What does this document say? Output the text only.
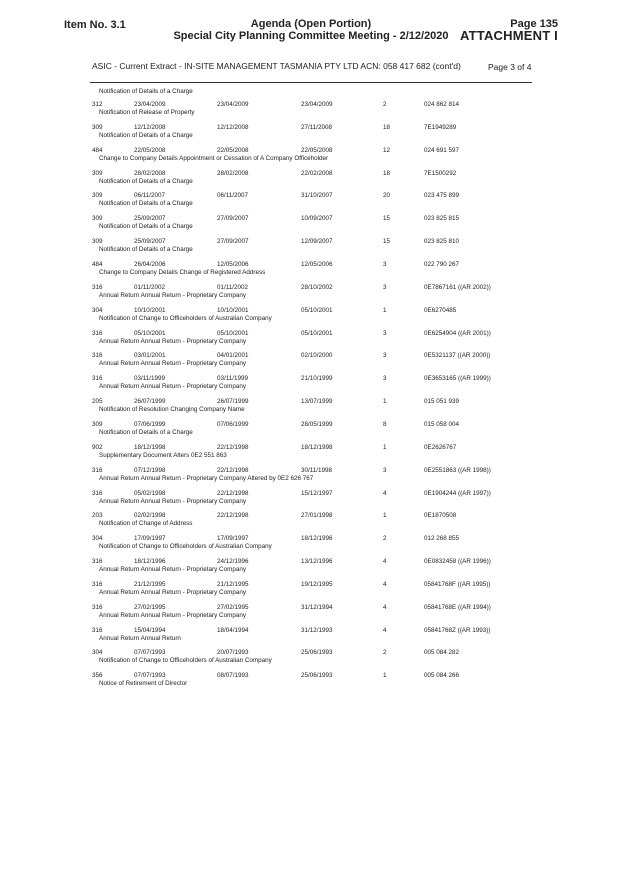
Item No. 3.1	Agenda (Open Portion)
Special City Planning Committee Meeting - 2/12/2020
Page 135
ATTACHMENT I
ASIC - Current Extract - IN-SITE MANAGEMENT TASMANIA PTY LTD ACN: 058 417 682 (cont'd)	Page 3 of 4
Notification of Details of a Charge
312	23/04/2009	23/04/2009	23/04/2009	2	024 862 814
Notification of Release of Property
309	12/12/2008	12/12/2008	27/11/2008	18	7E1949289
Notification of Details of a Charge
484	22/05/2008	22/05/2008	22/05/2008	12	024 691 597
Change to Company Details Appointment or Cessation of A Company Officeholder
309	28/02/2008	28/02/2008	22/02/2008	18	7E1500292
Notification of Details of a Charge
309	06/11/2007	06/11/2007	31/10/2007	20	023 475 899
Notification of Details of a Charge
309	25/09/2007	27/09/2007	10/09/2007	15	023 825 815
Notification of Details of a Charge
309	25/09/2007	27/09/2007	12/09/2007	15	023 825 810
Notification of Details of a Charge
484	26/04/2006	12/05/2006	12/05/2006	3	022 790 267
Change to Company Details Change of Registered Address
316	01/11/2002	01/11/2002	28/10/2002	3	0E7867161 ((AR 2002))
Annual Return Annual Return - Proprietary Company
304	10/10/2001	10/10/2001	05/10/2001	1	0E6270485
Notification of Change to Officeholders of Australian Company
316	05/10/2001	05/10/2001	05/10/2001	3	0E6254904 ((AR 2001))
Annual Return Annual Return - Proprietary Company
316	03/01/2001	04/01/2001	02/10/2000	3	0E5321137 ((AR 2000))
Annual Return Annual Return - Proprietary Company
316	03/11/1999	03/11/1999	21/10/1999	3	0E3653165 ((AR 1999))
Annual Return Annual Return - Proprietary Company
205	26/07/1999	26/07/1999	13/07/1999	1	015 051 939
Notification of Resolution Changing Company Name
309	07/06/1999	07/06/1999	28/05/1999	8	015 058 004
Notification of Details of a Charge
902	18/12/1998	22/12/1998	18/12/1998	1	0E2626767
Supplementary Document Alters 0E2 551 863
316	07/12/1998	22/12/1998	30/11/1998	3	0E2551863 ((AR 1998))
Annual Return Annual Return - Proprietary Company Altered by 0E2 626 767
316	05/02/1998	22/12/1998	15/12/1997	4	0E1904244 ((AR 1997))
Annual Return Annual Return - Proprietary Company
203	02/02/1998	22/12/1998	27/01/1998	1	0E1870508
Notification of Change of Address
304	17/09/1997	17/09/1997	18/12/1996	2	012 268 855
Notification of Change to Officeholders of Australian Company
316	18/12/1996	24/12/1996	13/12/1996	4	0E0832458 ((AR 1996))
Annual Return Annual Return - Proprietary Company
316	21/12/1995	21/12/1995	19/12/1995	4	05841768F ((AR 1995))
Annual Return Annual Return - Proprietary Company
316	27/02/1995	27/02/1995	31/12/1994	4	05841768E ((AR 1994))
Annual Return Annual Return - Proprietary Company
316	15/04/1994	18/04/1994	31/12/1993	4	05841768Z ((AR 1993))
Annual Return Annual Return
304	07/07/1993	20/07/1993	25/06/1993	2	005 084 282
Notification of Change to Officeholders of Australian Company
356	07/07/1993	08/07/1993	25/06/1993	1	005 084 266
Notice of Retirement of Director
